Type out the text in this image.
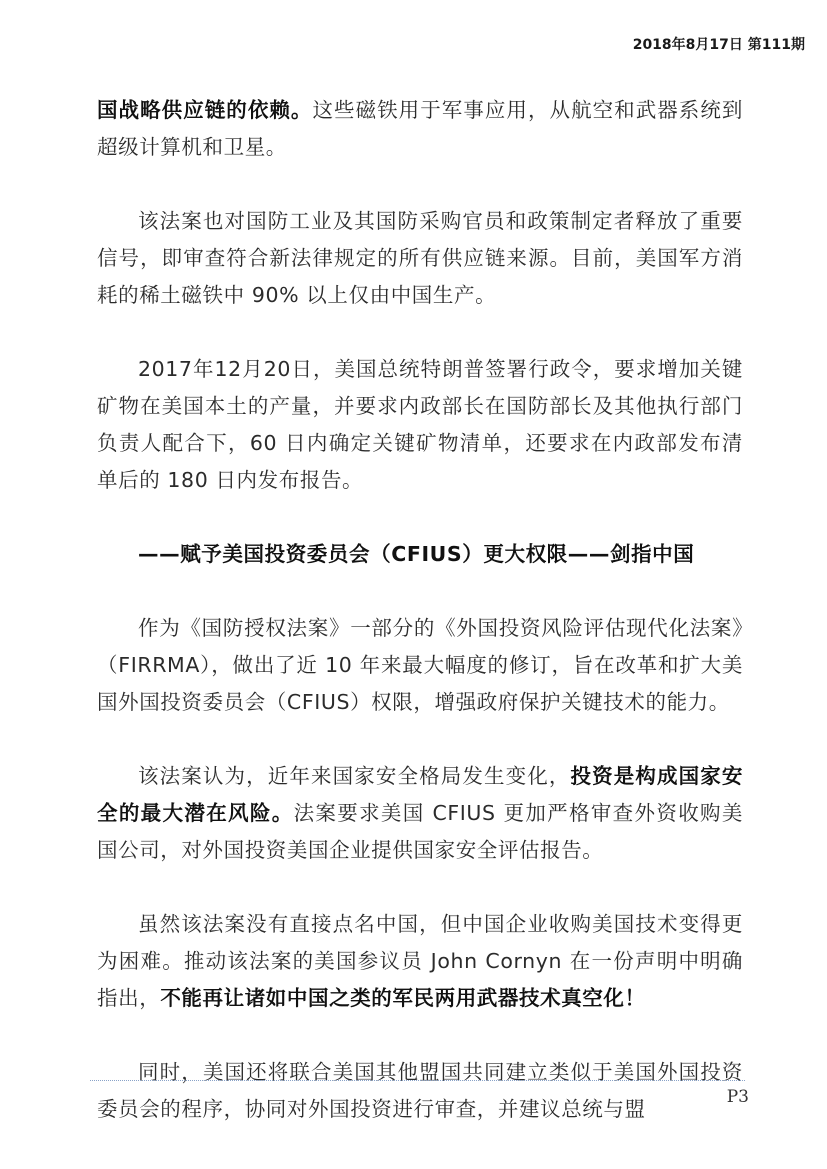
2018年8月17日 第111期

国战略供应链的依赖。这些磁铁用于军事应用，从航空和武器系统到超级计算机和卫星。

该法案也对国防工业及其国防采购官员和政策制定者释放了重要信号，即审查符合新法律规定的所有供应链来源。目前，美国军方消耗的稀土磁铁中 90% 以上仅由中国生产。

2017年12月20日，美国总统特朗普签署行政令，要求增加关键矿物在美国本土的产量，并要求内政部长在国防部长及其他执行部门负责人配合下，60 日内确定关键矿物清单，还要求在内政部发布清单后的 180 日内发布报告。

——赋予美国投资委员会（CFIUS）更大权限——剑指中国

作为《国防授权法案》一部分的《外国投资风险评估现代化法案》（FIRRMA），做出了近 10 年来最大幅度的修订，旨在改革和扩大美国外国投资委员会（CFIUS）权限，增强政府保护关键技术的能力。

该法案认为，近年来国家安全格局发生变化，投资是构成国家安全的最大潜在风险。法案要求美国 CFIUS 更加严格审查外资收购美国公司，对外国投资美国企业提供国家安全评估报告。

虽然该法案没有直接点名中国，但中国企业收购美国技术变得更为困难。推动该法案的美国参议员 John Cornyn 在一份声明中明确指出，不能再让诸如中国之类的军民两用武器技术真空化！

同时，美国还将联合美国其他盟国共同建立类似于美国外国投资委员会的程序，协同对外国投资进行审查，并建议总统与盟	P3
